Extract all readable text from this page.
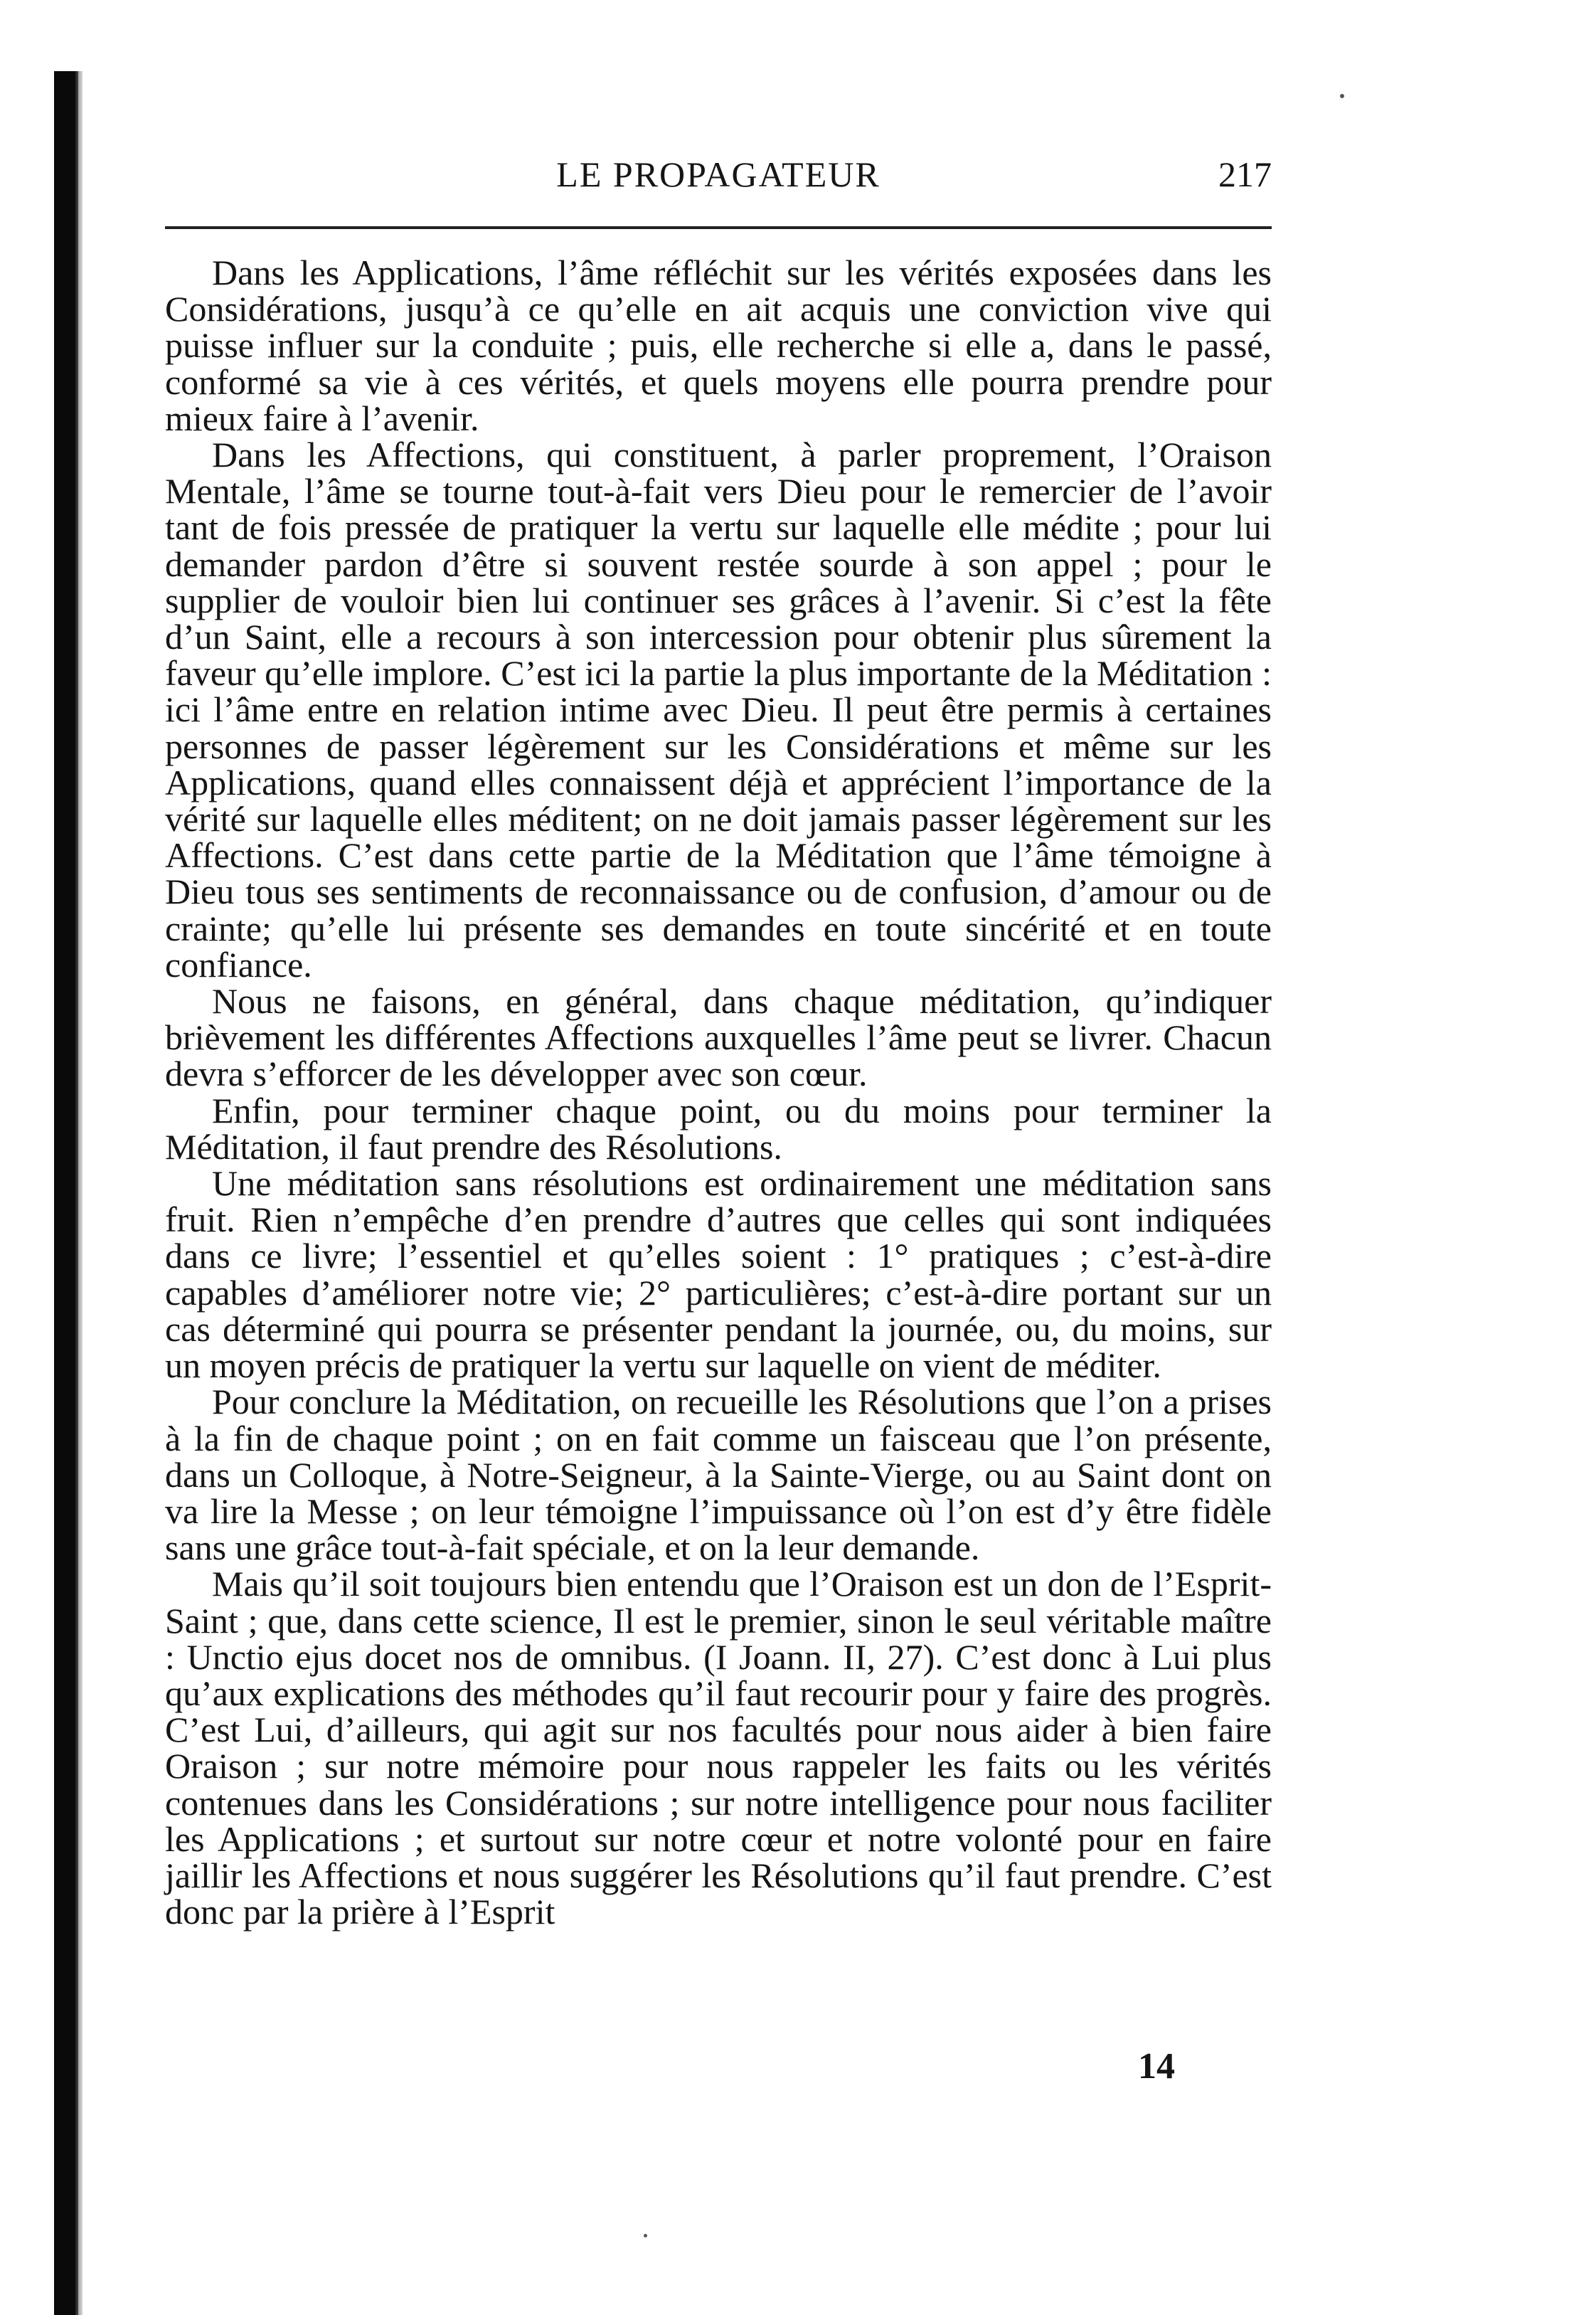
LE PROPAGATEUR	217

Dans les Applications, l’âme réfléchit sur les vérités exposées dans les Considérations, jusqu’à ce qu’elle en ait acquis une conviction vive qui puisse influer sur la conduite ; puis, elle recherche si elle a, dans le passé, conformé sa vie à ces vérités, et quels moyens elle pourra prendre pour mieux faire à l’avenir.

Dans les Affections, qui constituent, à parler proprement, l’Oraison Mentale, l’âme se tourne tout-à-fait vers Dieu pour le remercier de l’avoir tant de fois pressée de pratiquer la vertu sur laquelle elle médite ; pour lui demander pardon d’être si souvent restée sourde à son appel ; pour le supplier de vouloir bien lui continuer ses grâces à l’avenir. Si c’est la fête d’un Saint, elle a recours à son intercession pour obtenir plus sûrement la faveur qu’elle implore. C’est ici la partie la plus importante de la Méditation : ici l’âme entre en relation intime avec Dieu. Il peut être permis à certaines personnes de passer légèrement sur les Considérations et même sur les Applications, quand elles connaissent déjà et apprécient l’importance de la vérité sur laquelle elles méditent; on ne doit jamais passer légèrement sur les Affections. C’est dans cette partie de la Méditation que l’âme témoigne à Dieu tous ses sentiments de reconnaissance ou de confusion, d’amour ou de crainte; qu’elle lui présente ses demandes en toute sincérité et en toute confiance.

Nous ne faisons, en général, dans chaque méditation, qu’indiquer brièvement les différentes Affections auxquelles l’âme peut se livrer. Chacun devra s’efforcer de les développer avec son cœur.

Enfin, pour terminer chaque point, ou du moins pour terminer la Méditation, il faut prendre des Résolutions.

Une méditation sans résolutions est ordinairement une méditation sans fruit. Rien n’empêche d’en prendre d’autres que celles qui sont indiquées dans ce livre; l’essentiel et qu’elles soient : 1° pratiques ; c’est-à-dire capables d’améliorer notre vie; 2° particulières; c’est-à-dire portant sur un cas déterminé qui pourra se présenter pendant la journée, ou, du moins, sur un moyen précis de pratiquer la vertu sur laquelle on vient de méditer.

Pour conclure la Méditation, on recueille les Résolutions que l’on a prises à la fin de chaque point ; on en fait comme un faisceau que l’on présente, dans un Colloque, à Notre-Seigneur, à la Sainte-Vierge, ou au Saint dont on va lire la Messe ; on leur témoigne l’impuissance où l’on est d’y être fidèle sans une grâce tout-à-fait spéciale, et on la leur demande.

Mais qu’il soit toujours bien entendu que l’Oraison est un don de l’Esprit-Saint ; que, dans cette science, Il est le premier, sinon le seul véritable maître : Unctio ejus docet nos de omnibus. (I Joann. II, 27). C’est donc à Lui plus qu’aux explications des méthodes qu’il faut recourir pour y faire des progrès. C’est Lui, d’ailleurs, qui agit sur nos facultés pour nous aider à bien faire Oraison ; sur notre mémoire pour nous rappeler les faits ou les vérités contenues dans les Considérations ; sur notre intelligence pour nous faciliter les Applications ; et surtout sur notre cœur et notre volonté pour en faire jaillir les Affections et nous suggérer les Résolutions qu’il faut prendre. C’est donc par la prière à l’Esprit

14
